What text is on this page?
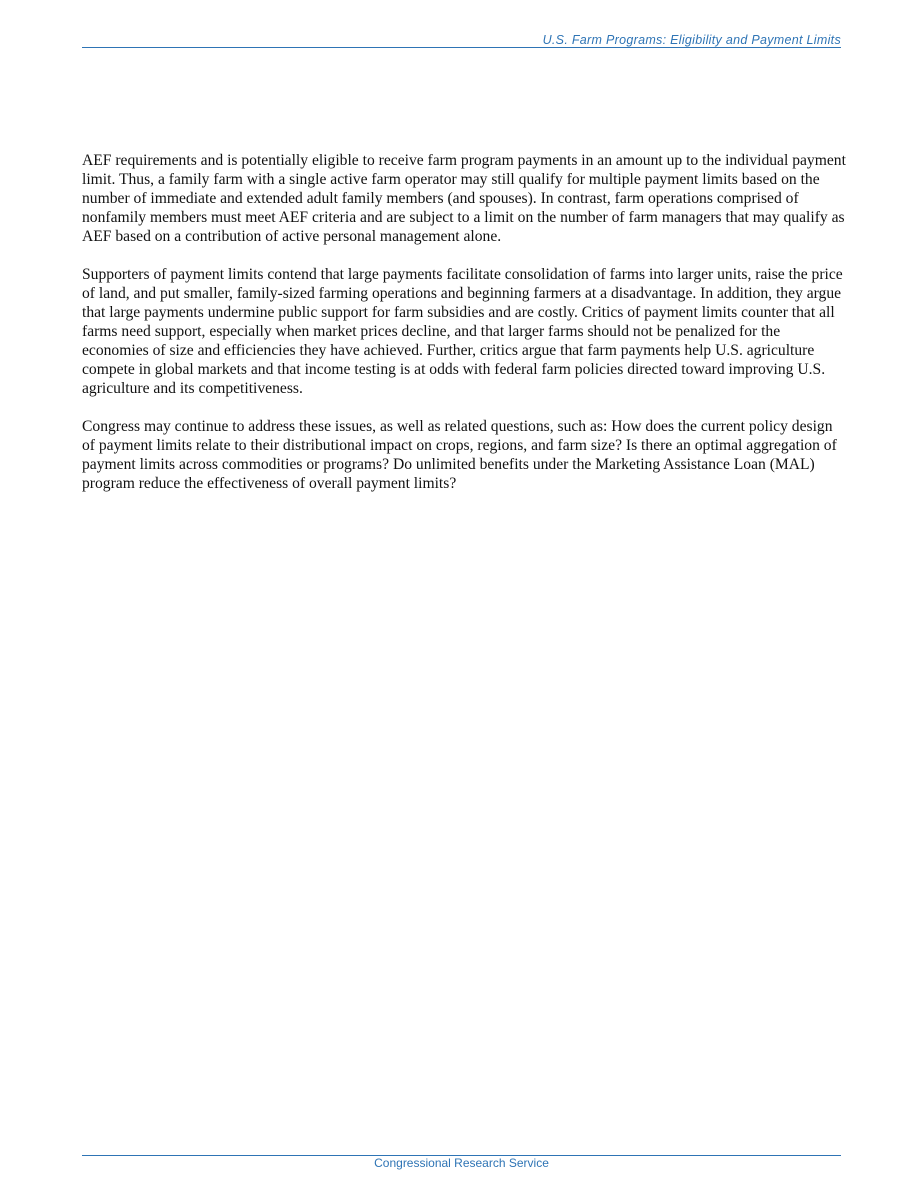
U.S. Farm Programs: Eligibility and Payment Limits

AEF requirements and is potentially eligible to receive farm program payments in an amount up to the individual payment limit. Thus, a family farm with a single active farm operator may still qualify for multiple payment limits based on the number of immediate and extended adult family members (and spouses). In contrast, farm operations comprised of nonfamily members must meet AEF criteria and are subject to a limit on the number of farm managers that may qualify as AEF based on a contribution of active personal management alone.

Supporters of payment limits contend that large payments facilitate consolidation of farms into larger units, raise the price of land, and put smaller, family-sized farming operations and beginning farmers at a disadvantage. In addition, they argue that large payments undermine public support for farm subsidies and are costly. Critics of payment limits counter that all farms need support, especially when market prices decline, and that larger farms should not be penalized for the economies of size and efficiencies they have achieved. Further, critics argue that farm payments help U.S. agriculture compete in global markets and that income testing is at odds with federal farm policies directed toward improving U.S. agriculture and its competitiveness.

Congress may continue to address these issues, as well as related questions, such as: How does the current policy design of payment limits relate to their distributional impact on crops, regions, and farm size? Is there an optimal aggregation of payment limits across commodities or programs? Do unlimited benefits under the Marketing Assistance Loan (MAL) program reduce the effectiveness of overall payment limits?

Congressional Research Service
